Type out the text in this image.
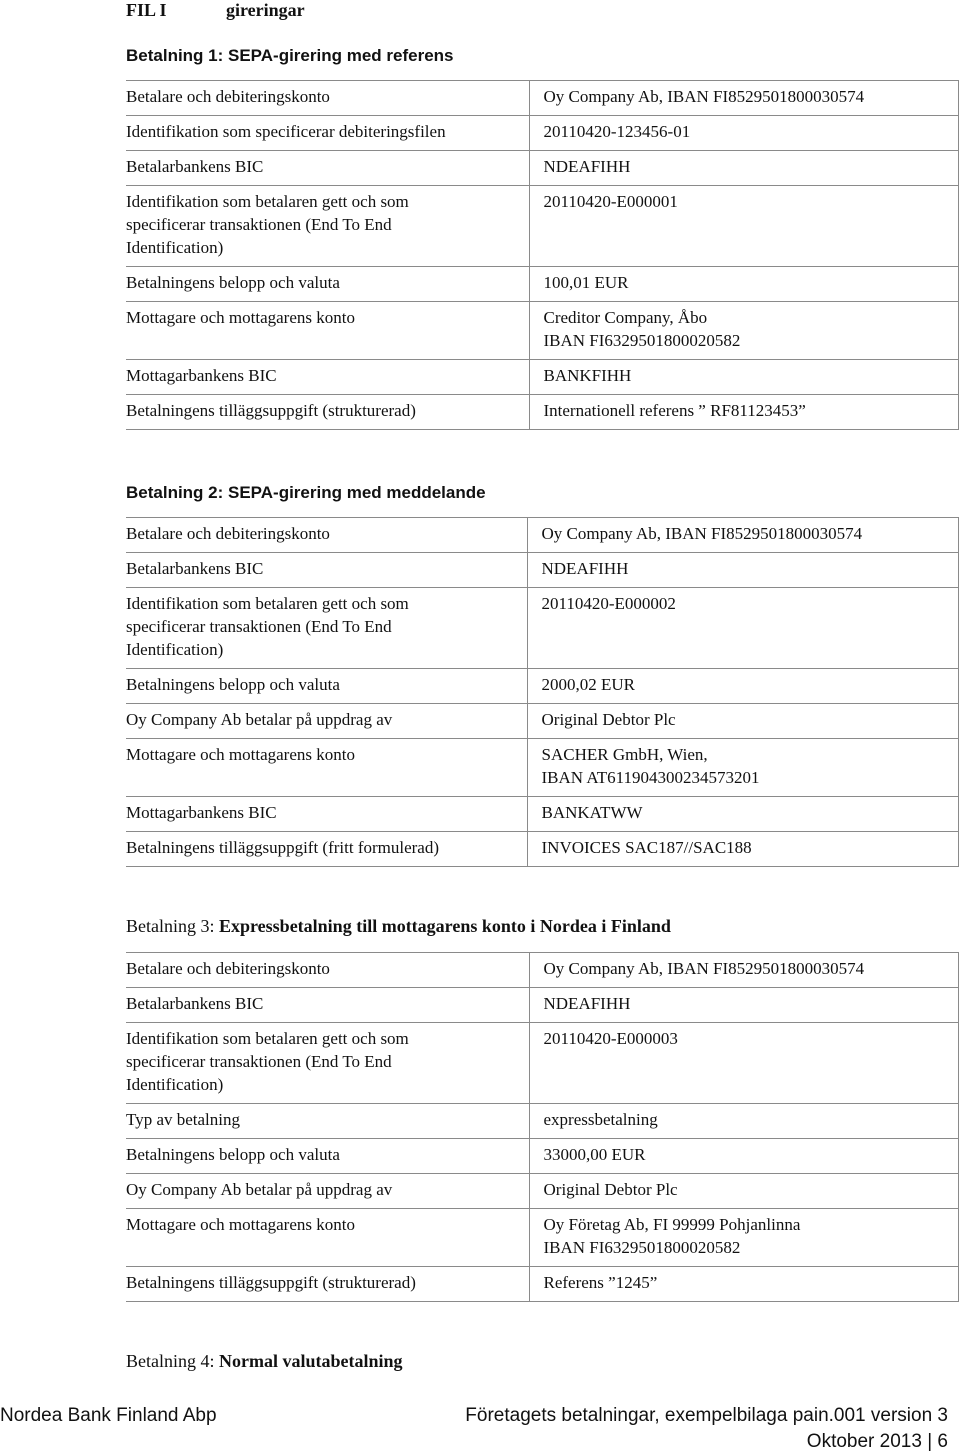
FIL I	gireringar
Betalning 1: SEPA-girering med referens
Betalare och debiteringskonto	Oy Company Ab, IBAN FI8529501800030574

Identifikation som specificerar debiteringsfilen	20110420-123456-01

Betalarbankens BIC	NDEAFIHH

Identifikation som betalaren gett och som
specificerar transaktionen (End To End
Identification)	20110420-E000001

Betalningens belopp och valuta	100,01 EUR

Mottagare och mottagarens konto	Creditor Company, Åbo
IBAN FI6329501800020582

Mottagarbankens BIC	BANKFIHH

Betalningens tilläggsuppgift (strukturerad)	Internationell referens ” RF81123453”
Betalning 2: SEPA-girering med meddelande
Betalare och debiteringskonto	Oy Company Ab, IBAN FI8529501800030574

Betalarbankens BIC	NDEAFIHH

Identifikation som betalaren gett och som
specificerar transaktionen (End To End
Identification)	20110420-E000002

Betalningens belopp och valuta	2000,02 EUR

Oy Company Ab betalar på uppdrag av	Original Debtor Plc

Mottagare och mottagarens konto	SACHER GmbH, Wien,
IBAN AT611904300234573201

Mottagarbankens BIC	BANKATWW

Betalningens tilläggsuppgift (fritt formulerad)	INVOICES SAC187//SAC188
Betalning 3: Expressbetalning till mottagarens konto i Nordea i Finland
Betalare och debiteringskonto	Oy Company Ab, IBAN FI8529501800030574

Betalarbankens BIC	NDEAFIHH

Identifikation som betalaren gett och som
specificerar transaktionen (End To End
Identification)	20110420-E000003

Typ av betalning	expressbetalning

Betalningens belopp och valuta	33000,00 EUR

Oy Company Ab betalar på uppdrag av	Original Debtor Plc

Mottagare och mottagarens konto	Oy Företag Ab, FI 99999 Pohjanlinna
IBAN FI6329501800020582

Betalningens tilläggsuppgift (strukturerad)	Referens ”1245”
Betalning 4: Normal valutabetalning
Nordea Bank Finland Abp	Företagets betalningar, exempelbilaga pain.001 version 3
Oktober 2013 | 6
